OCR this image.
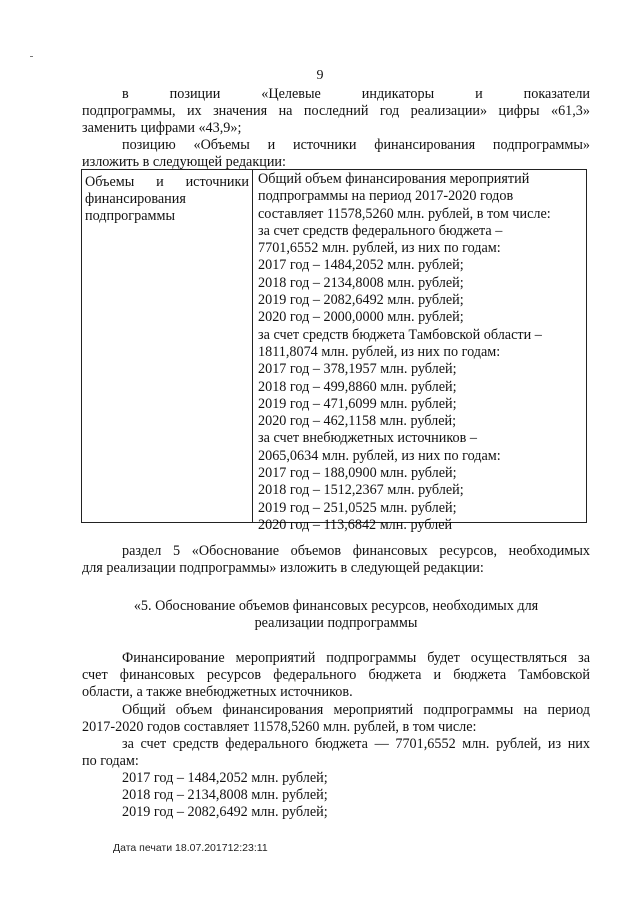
9
в позиции «Целевые индикаторы и показатели
подпрограммы, их значения на последний год реализации» цифры «61,3»
заменить цифрами «43,9»;
позицию «Объемы и источники финансирования подпрограммы»
изложить в следующей редакции:
Объемы и источники
финансирования
подпрограммы
Общий объем финансирования мероприятий
подпрограммы на период 2017-2020 годов
составляет 11578,5260 млн. рублей, в том числе:
за счет средств федерального бюджета –
7701,6552 млн. рублей, из них по годам:
2017 год – 1484,2052 млн. рублей;
2018 год – 2134,8008 млн. рублей;
2019 год – 2082,6492 млн. рублей;
2020 год – 2000,0000 млн. рублей;
за счет средств бюджета Тамбовской области –
1811,8074 млн. рублей, из них по годам:
2017 год – 378,1957 млн. рублей;
2018 год – 499,8860 млн. рублей;
2019 год – 471,6099 млн. рублей;
2020 год – 462,1158 млн. рублей;
за счет внебюджетных источников –
2065,0634 млн. рублей, из них по годам:
2017 год – 188,0900 млн. рублей;
2018 год – 1512,2367 млн. рублей;
2019 год – 251,0525 млн. рублей;
2020 год – 113,6842 млн. рублей
раздел 5 «Обоснование объемов финансовых ресурсов, необходимых
для реализации подпрограммы» изложить в следующей редакции:
«5. Обоснование объемов финансовых ресурсов, необходимых для
реализации подпрограммы
Финансирование мероприятий подпрограммы будет осуществляться за
счет финансовых ресурсов федерального бюджета и бюджета Тамбовской
области, а также внебюджетных источников.
Общий объем финансирования мероприятий подпрограммы на период
2017-2020 годов составляет 11578,5260 млн. рублей, в том числе:
за счет средств федерального бюджета — 7701,6552 млн. рублей, из них
по годам:
2017 год – 1484,2052 млн. рублей;
2018 год – 2134,8008 млн. рублей;
2019 год – 2082,6492 млн. рублей;
Дата печати 18.07.201712:23:11
